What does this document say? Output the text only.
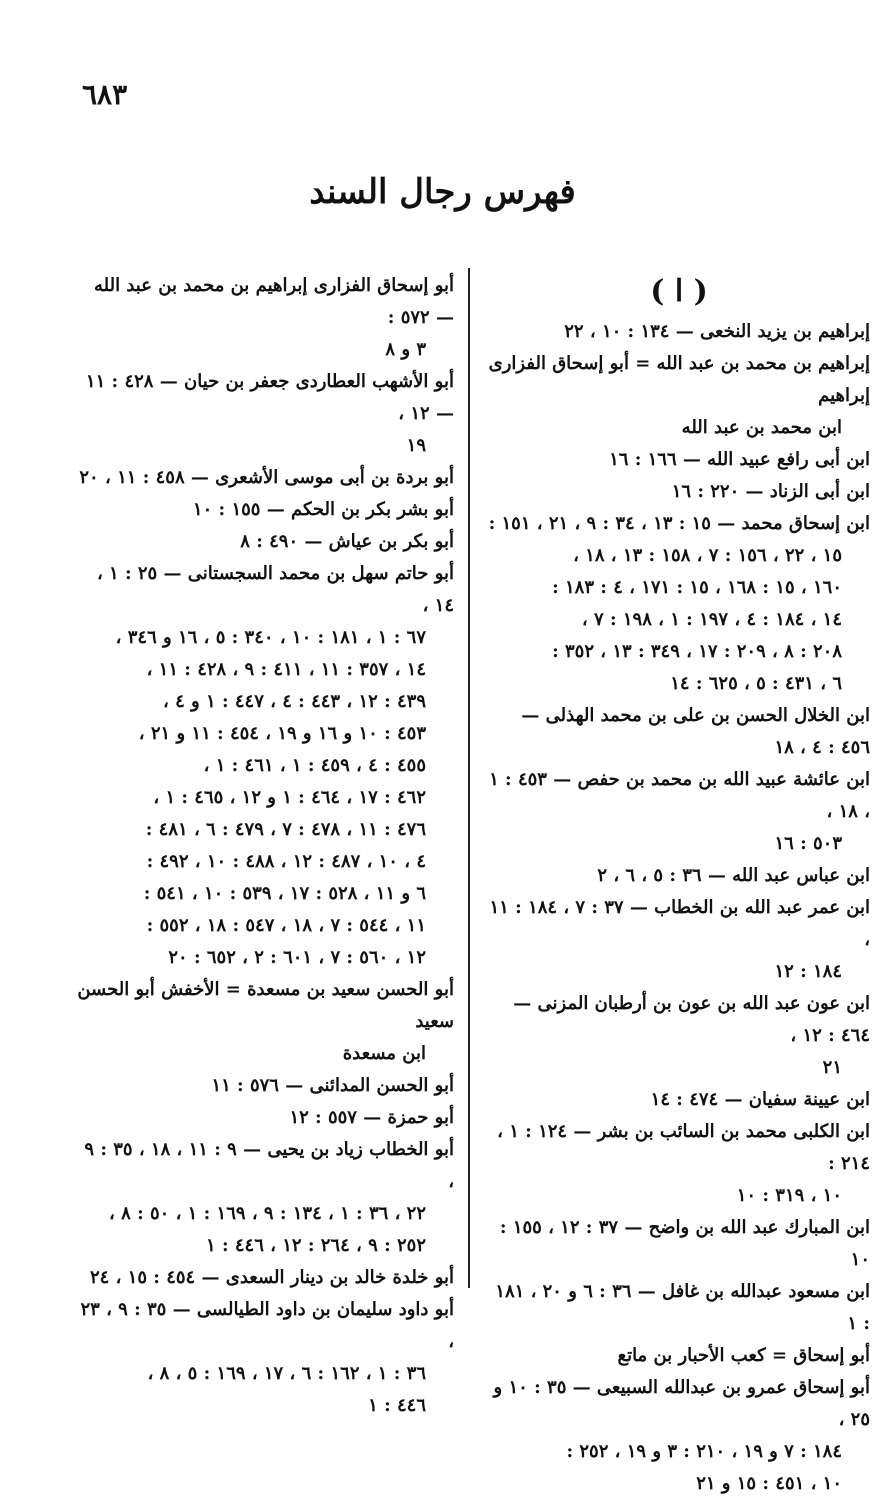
٦٨٣
فهرس رجال السند
( ا )
إبراهيم بن يزيد النخعى — ١٣٤ : ١٠ ، ٢٢
إبراهيم بن محمد بن عبد الله = أبو إسحاق الفزارى إبراهيم
ابن محمد بن عبد الله
ابن أبى رافع عبيد الله — ١٦٦ : ١٦
ابن أبى الزناد — ٢٢٠ : ١٦
ابن إسحاق محمد — ١٥ : ١٣ ، ٣٤ : ٩ ، ٢١ ، ١٥١ :
١٥ ، ٢٢ ، ١٥٦ : ٧ ، ١٥٨ : ١٣ ، ١٨ ،
١٦٠ ، ١٥ : ١٦٨ ، ١٥ : ١٧١ ، ٤ : ١٨٣ :
١٤ ، ١٨٤ : ٤ ، ١٩٧ : ١ ، ١٩٨ : ٧ ،
٢٠٨ : ٨ ، ٢٠٩ : ١٧ ، ٣٤٩ : ١٣ ، ٣٥٢ :
٦ ، ٤٣١ : ٥ ، ٦٢٥ : ١٤
ابن الخلال الحسن بن على بن محمد الهذلى — ٤٥٦ : ٤ ، ١٨
ابن عائشة عبيد الله بن محمد بن حفص — ٤٥٣ : ١ ، ١٨ ،
٥٠٣ : ١٦
ابن عباس عبد الله — ٣٦ : ٥ ، ٦ ، ٢
ابن عمر عبد الله بن الخطاب — ٣٧ : ٧ ، ١٨٤ : ١١ ،
١٨٤ : ١٢
ابن عون عبد الله بن عون بن أرطبان المزنى — ٤٦٤ : ١٢ ،
٢١
ابن عيينة سفيان — ٤٧٤ : ١٤
ابن الكلبى محمد بن السائب بن بشر — ١٢٤ : ١ ، ٢١٤ :
١٠ ، ٣١٩ : ١٠
ابن المبارك عبد الله بن واضح — ٣٧ : ١٢ ، ١٥٥ : ١٠
ابن مسعود عبدالله بن غافل — ٣٦ : ٦ و ٢٠ ، ١٨١ : ١
أبو إسحاق = كعب الأحبار بن ماتع
أبو إسحاق عمرو بن عبدالله السبيعى — ٣٥ : ١٠ و ٢٥ ،
١٨٤ : ٧ و ١٩ ، ٢١٠ : ٣ و ١٩ ، ٢٥٢ :
١٠ ، ٤٥١ : ١٥ و ٢١
أبو إسحاق الفزارى إبراهيم بن محمد بن عبد الله — ٥٧٢ :
٣ و ٨
أبو الأشهب العطاردى جعفر بن حيان — ٤٢٨ : ١١ — ١٢ ،
١٩
أبو بردة بن أبى موسى الأشعرى — ٤٥٨ : ١١ ، ٢٠
أبو بشر بكر بن الحكم — ١٥٥ : ١٠
أبو بكر بن عياش — ٤٩٠ : ٨
أبو حاتم سهل بن محمد السجستانى — ٢٥ : ١ ، ١٤ ،
٦٧ : ١ ، ١٨١ : ١٠ ، ٣٤٠ : ٥ ، ١٦ و ٣٤٦ ،
١٤ ، ٣٥٧ : ١١ ، ٤١١ : ٩ ، ٤٢٨ : ١١ ،
٤٣٩ : ١٢ ، ٤٤٣ : ٤ ، ٤٤٧ : ١ و ٤ ،
٤٥٣ : ١٠ و ١٦ و ١٩ ، ٤٥٤ : ١١ و ٢١ ،
٤٥٥ : ٤ ، ٤٥٩ : ١ ، ٤٦١ : ١ ،
٤٦٢ : ١٧ ، ٤٦٤ : ١ و ١٢ ، ٤٦٥ : ١ ،
٤٧٦ : ١١ ، ٤٧٨ : ٧ ، ٤٧٩ : ٦ ، ٤٨١ :
٤ ، ١٠ ، ٤٨٧ : ١٢ ، ٤٨٨ : ١٠ ، ٤٩٢ :
٦ و ١١ ، ٥٢٨ : ١٧ ، ٥٣٩ : ١٠ ، ٥٤١ :
١١ ، ٥٤٤ : ٧ ، ١٨ ، ٥٤٧ : ١٨ ، ٥٥٢ :
١٢ ، ٥٦٠ : ٧ ، ٦٠١ : ٢ ، ٦٥٢ : ٢٠
أبو الحسن سعيد بن مسعدة = الأخفش أبو الحسن سعيد
ابن مسعدة
أبو الحسن المدائنى — ٥٧٦ : ١١
أبو حمزة — ٥٥٧ : ١٢
أبو الخطاب زياد بن يحيى — ٩ : ١١ ، ١٨ ، ٣٥ : ٩ ،
٢٢ ، ٣٦ : ١ ، ١٣٤ : ٩ ، ١٦٩ : ١ ، ٥٠ : ٨ ،
٢٥٢ : ٩ ، ٢٦٤ : ١٢ ، ٤٤٦ : ١
أبو خلدة خالد بن دينار السعدى — ٤٥٤ : ١٥ ، ٢٤
أبو داود سليمان بن داود الطيالسى — ٣٥ : ٩ ، ٢٣ ،
٣٦ : ١ ، ١٦٢ : ٦ ، ١٧ ، ١٦٩ : ٥ ، ٨ ،
٤٤٦ : ١
